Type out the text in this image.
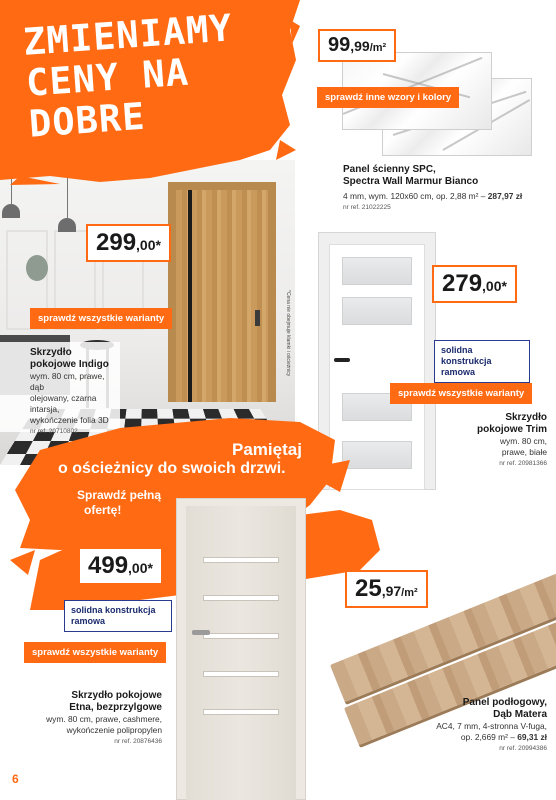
ZMIENIAMY
CENY NA
DOBRE
299,00*
sprawdź wszystkie warianty
Skrzydło pokojowe Indigo
wym. 80 cm, prawe, dąb
olejowany, czarna intarsja,
wykończenie folia 3D
nr ref. 20710802
*Cena nie obejmuje klamki i ościeżnicy
99,99/m²
sprawdź inne wzory i kolory
Panel ścienny SPC,
Spectra Wall Marmur Bianco
4 mm, wym. 120x60 cm, op. 2,88 m² – 287,97 zł
nr ref. 21022225
279,00*
solidna konstrukcja
ramowa
sprawdź wszystkie warianty
Skrzydło
pokojowe Trim
wym. 80 cm,
prawe, białe
nr ref. 20981366
Pamiętaj
o ościeżnicy do swoich drzwi.
Sprawdź pełną
ofertę!
499,00*
solidna konstrukcja
ramowa
sprawdź wszystkie warianty
Skrzydło pokojowe
Etna, bezprzylgowe
wym. 80 cm, prawe, cashmere,
wykończenie polipropylen
nr ref. 20876436
25,97/m²
Panel podłogowy,
Dąb Matera
AC4, 7 mm, 4-stronna V-fuga,
op. 2,669 m² – 69,31 zł
nr ref. 20994386
6
